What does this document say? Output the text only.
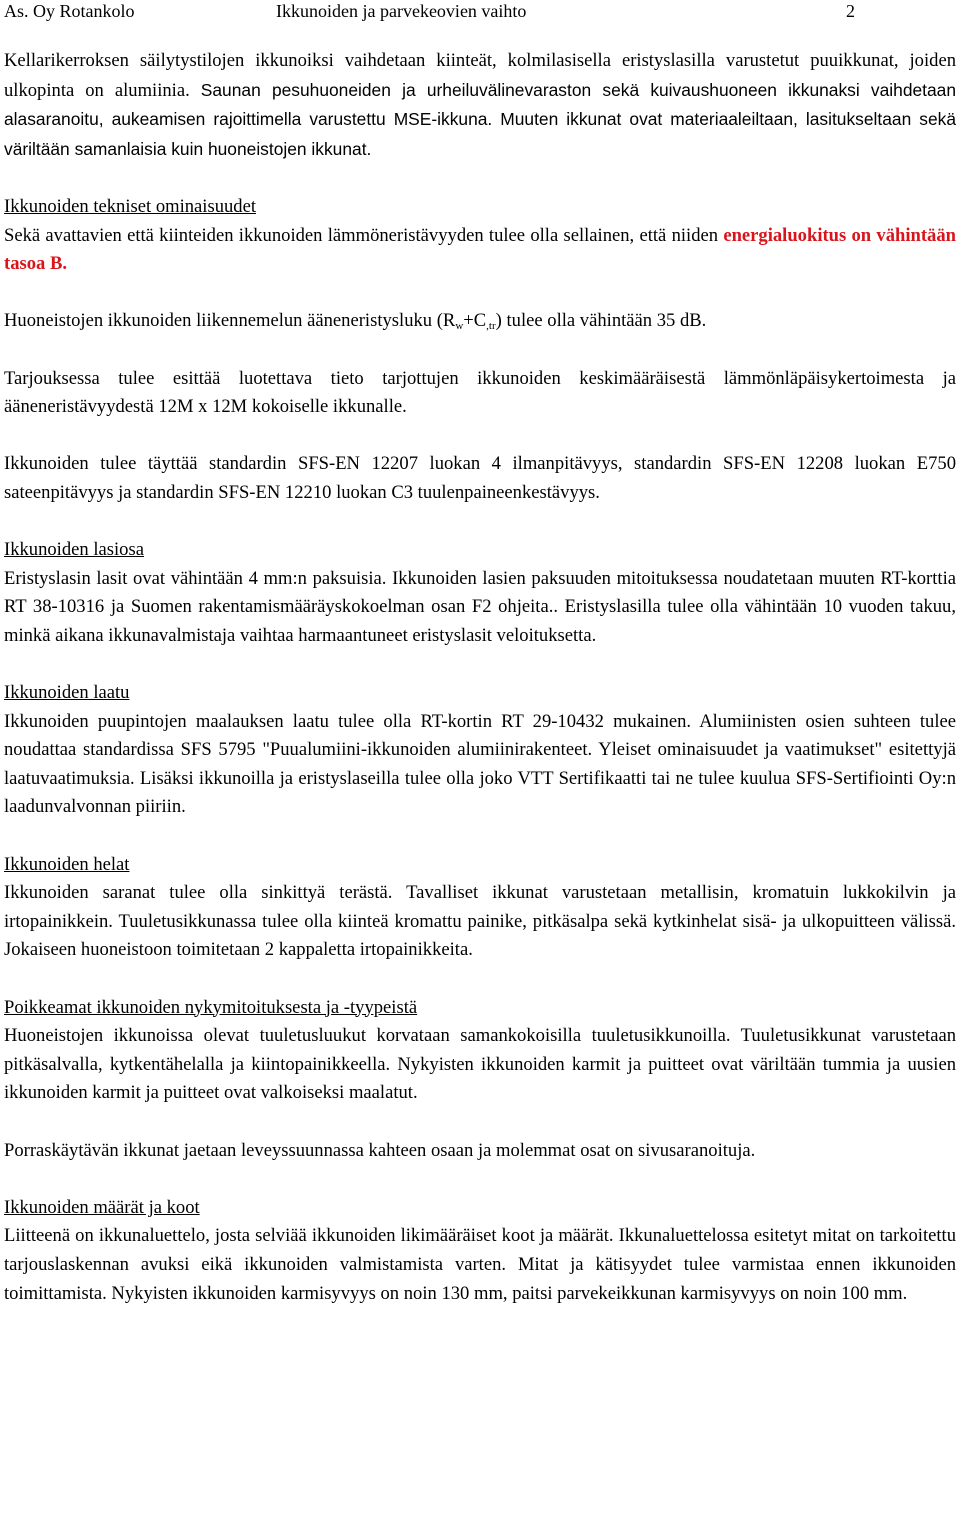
As. Oy Rotankolo	Ikkunoiden ja parvekeovien vaihto	2

Kellarikerroksen säilytystilojen ikkunoiksi vaihdetaan kiinteät, kolmilasisella eristyslasilla varustetut puuikkunat, joiden ulkopinta on alumiinia. Saunan pesuhuoneiden ja urheiluvälinevaraston sekä kuivaushuoneen ikkunaksi vaihdetaan alasaranoitu, aukeamisen rajoittimella varustettu MSE-ikkuna. Muuten ikkunat ovat materiaaleiltaan, lasitukseltaan sekä väriltään samanlaisia kuin huoneistojen ikkunat.

Ikkunoiden tekniset ominaisuudet
Sekä avattavien että kiinteiden ikkunoiden lämmöneristävyyden tulee olla sellainen, että niiden energialuokitus on vähintään tasoa B.

Huoneistojen ikkunoiden liikennemelun ääneneristysluku $(R_w+C_{,tr})$ tulee olla vähintään 35 dB.

Tarjouksessa tulee esittää luotettava tieto tarjottujen ikkunoiden keskimääräisestä lämmönläpäisykertoimesta ja ääneneristävyydestä 12M x 12M kokoiselle ikkunalle.

Ikkunoiden tulee täyttää standardin SFS-EN 12207 luokan 4 ilmanpitävyys, standardin SFS-EN 12208 luokan E750 sateenpitävyys ja standardin SFS-EN 12210 luokan C3 tuulenpaineenkestävyys.

Ikkunoiden lasiosa
Eristyslasin lasit ovat vähintään 4 mm:n paksuisia. Ikkunoiden lasien paksuuden mitoituksessa noudatetaan muuten RT-korttia RT 38-10316 ja Suomen rakentamismääräyskokoelman osan F2 ohjeita.. Eristyslasilla tulee olla vähintään 10 vuoden takuu, minkä aikana ikkunavalmistaja vaihtaa harmaantuneet eristyslasit veloituksetta.

Ikkunoiden laatu
Ikkunoiden puupintojen maalauksen laatu tulee olla RT-kortin RT 29-10432 mukainen. Alumiinisten osien suhteen tulee noudattaa standardissa SFS 5795 "Puualumiini-ikkunoiden alumiinirakenteet. Yleiset ominaisuudet ja vaatimukset" esitettyjä laatuvaatimuksia. Lisäksi ikkunoilla ja eristyslaseilla tulee olla joko VTT Sertifikaatti tai ne tulee kuulua SFS-Sertifiointi Oy:n laadunvalvonnan piiriin.

Ikkunoiden helat
Ikkunoiden saranat tulee olla sinkittyä terästä. Tavalliset ikkunat varustetaan metallisin, kromatuin lukkokilvin ja irtopainikkein. Tuuletusikkunassa tulee olla kiinteä kromattu painike, pitkäsalpa sekä kytkinhelat sisä- ja ulkopuitteen välissä. Jokaiseen huoneistoon toimitetaan 2 kappaletta irtopainikkeita.

Poikkeamat ikkunoiden nykymitoituksesta ja -tyypeistä
Huoneistojen ikkunoissa olevat tuuletusluukut korvataan samankokoisilla tuuletusikkunoilla. Tuuletusikkunat varustetaan pitkäsalvalla, kytkentähelalla ja kiintopainikkeella. Nykyisten ikkunoiden karmit ja puitteet ovat väriltään tummia ja uusien ikkunoiden karmit ja puitteet ovat valkoiseksi maalatut.

Porraskäytävän ikkunat jaetaan leveyssuunnassa kahteen osaan ja molemmat osat on sivusaranoituja.

Ikkunoiden määrät ja koot
Liitteenä on ikkunaluettelo, josta selviää ikkunoiden likimääräiset koot ja määrät. Ikkunaluettelossa esitetyt mitat on tarkoitettu tarjouslaskennan avuksi eikä ikkunoiden valmistamista varten. Mitat ja kätisyydet tulee varmistaa ennen ikkunoiden toimittamista. Nykyisten ikkunoiden karmisyvyys on noin 130 mm, paitsi parvekeikkunan karmisyvyys on noin 100 mm.
